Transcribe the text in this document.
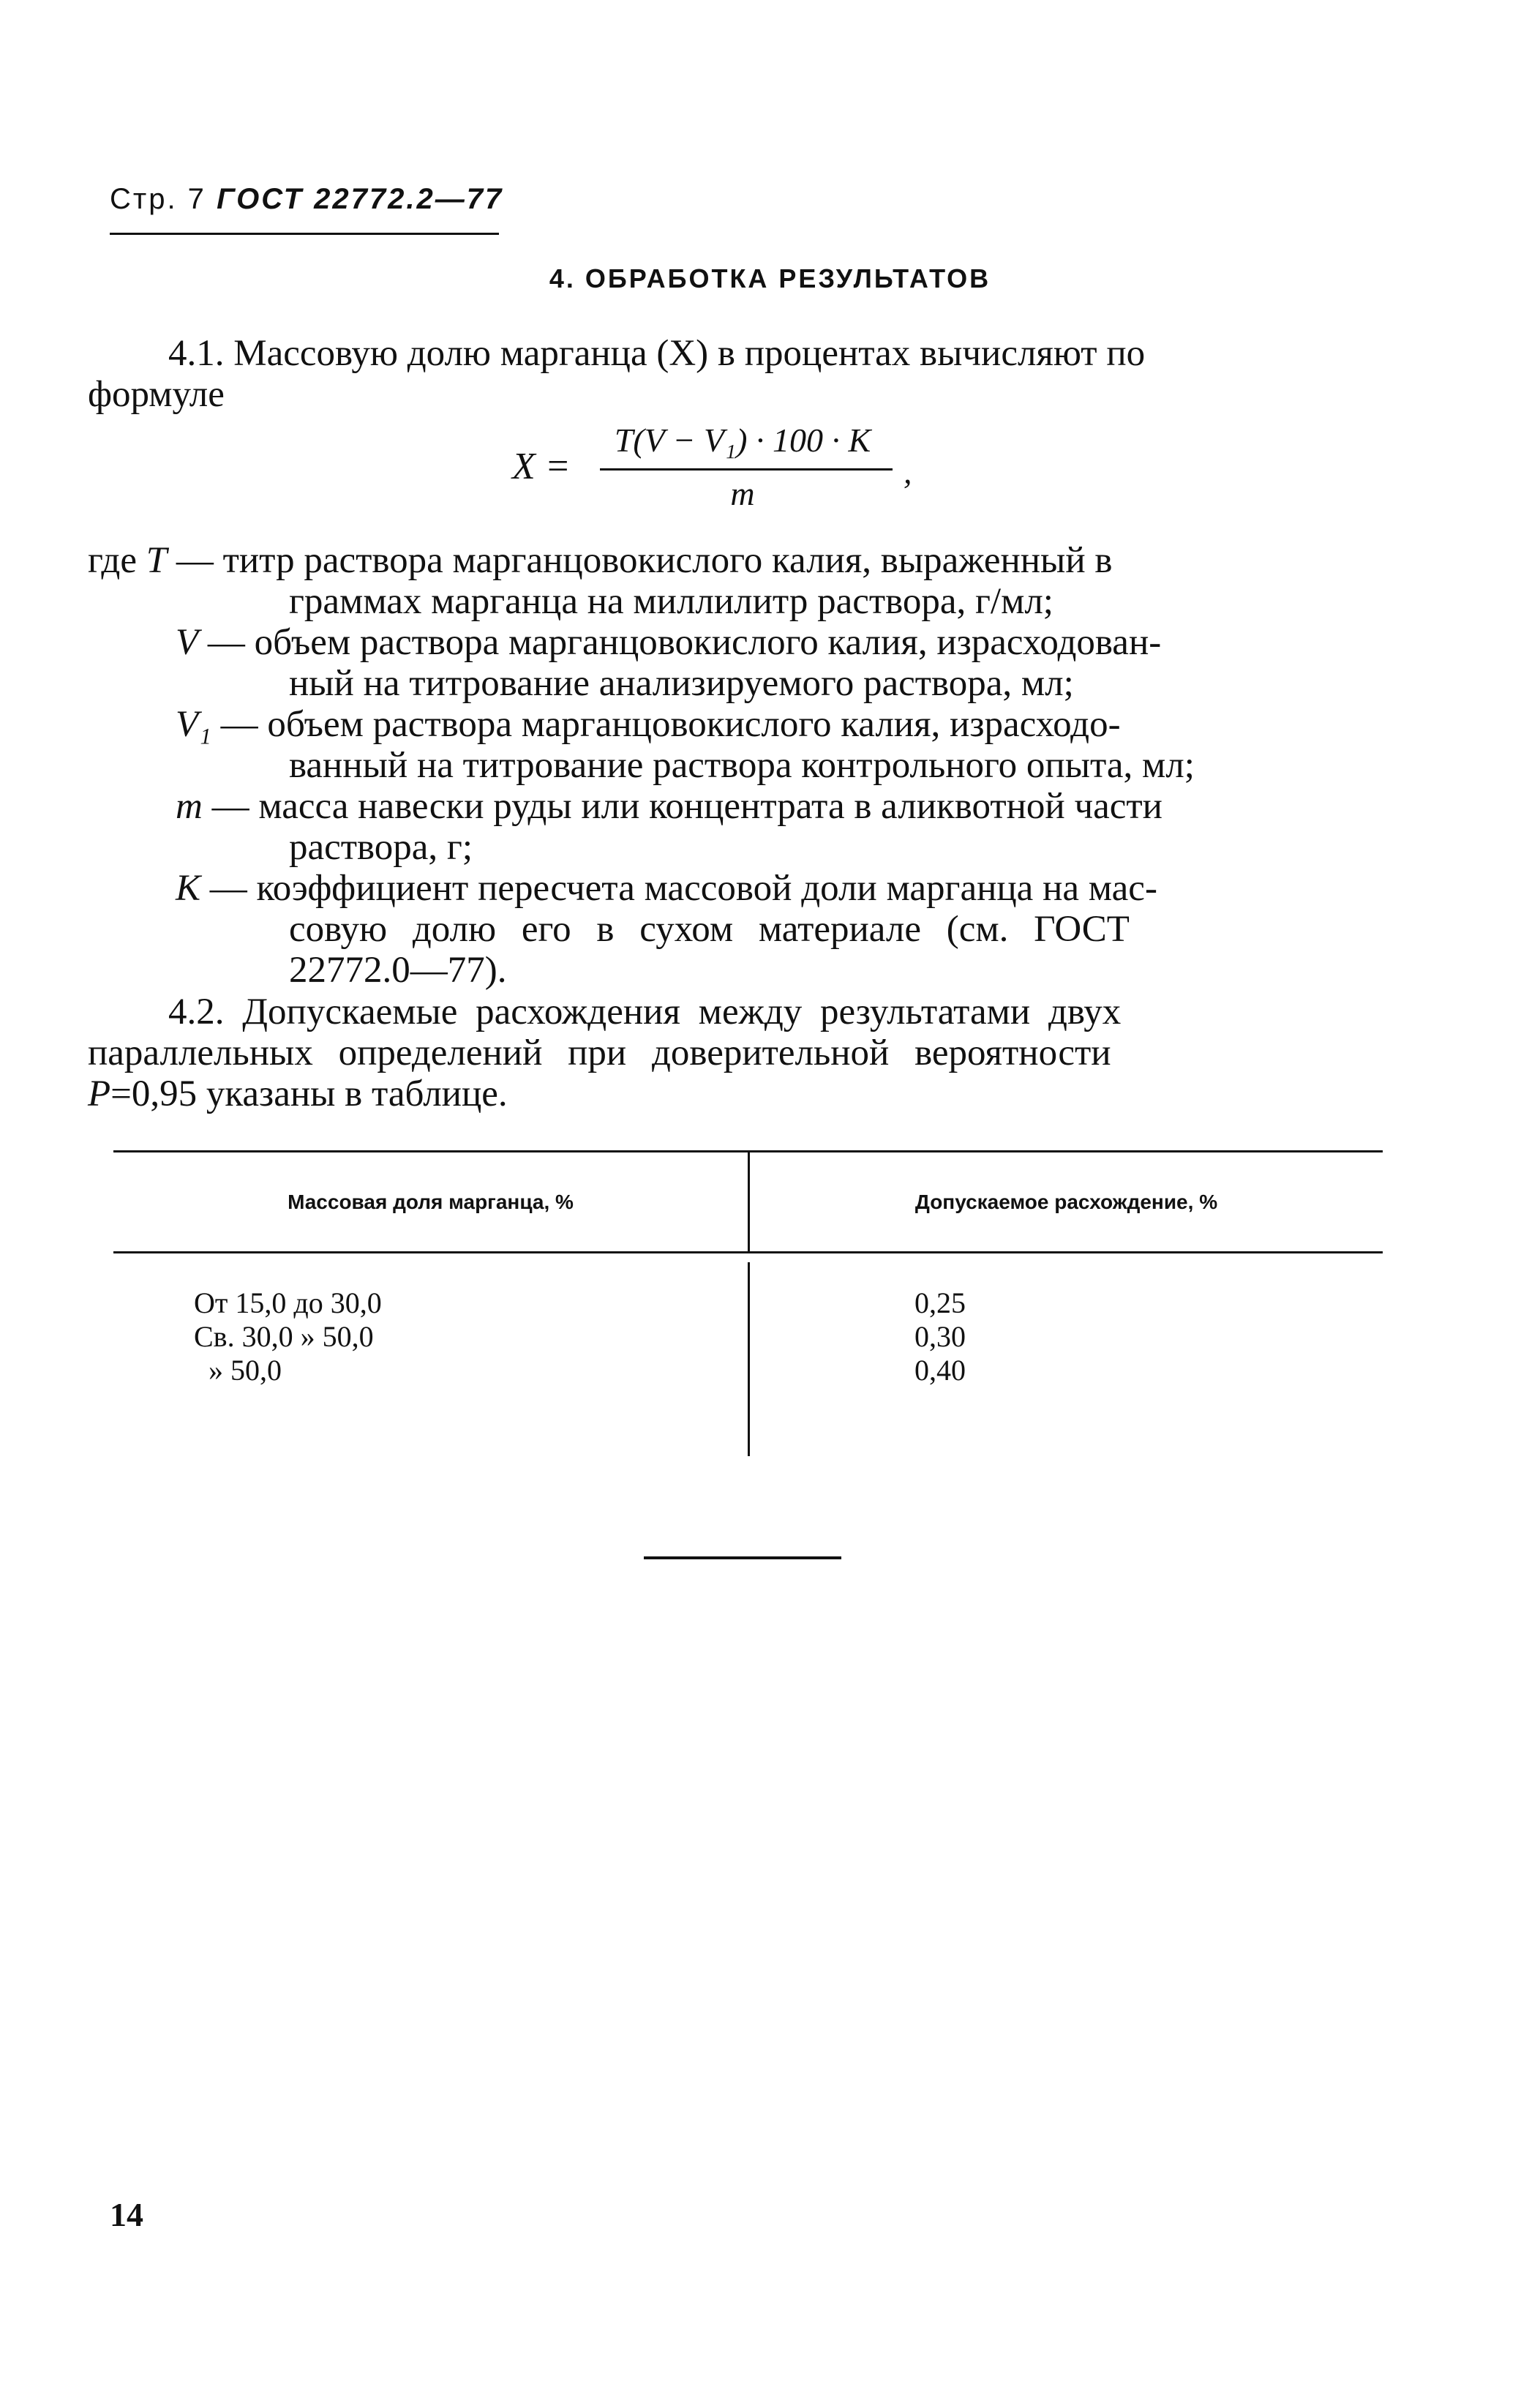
Стр. 7 ГОСТ 22772.2—77
4. ОБРАБОТКА РЕЗУЛЬТАТОВ
4.1. Массовую долю марганца (X) в процентах вычисляют по
формуле
X =
T(V − V₁) · 100 · K
m
,
где T — титр раствора марганцовокислого калия, выраженный в
граммах марганца на миллилитр раствора, г/мл;
V — объем раствора марганцовокислого калия, израсходован-
ный на титрование анализируемого раствора, мл;
V₁ — объем раствора марганцовокислого калия, израсходо-
ванный на титрование раствора контрольного опыта, мл;
m — масса навески руды или концентрата в аликвотной части
раствора, г;
K — коэффициент пересчета массовой доли марганца на мас-
совую долю его в сухом материале (см. ГОСТ
22772.0—77).
4.2. Допускаемые расхождения между результатами двух
параллельных определений при доверительной вероятности
P=0,95 указаны в таблице.
Массовая доля марганца, %	Допускаемое расхождение, %
От 15,0 до 30,0	0,25
Св. 30,0 » 50,0	0,30
» 50,0	0,40
14
